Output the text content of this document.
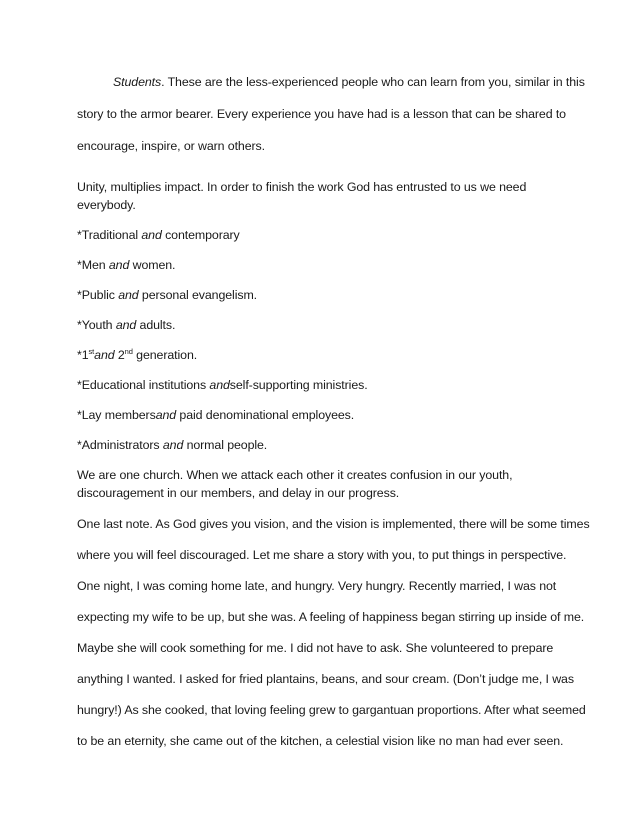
Students. These are the less-experienced people who can learn from you, similar in this
story to the armor bearer. Every experience you have had is a lesson that can be shared to
encourage, inspire, or warn others.
Unity, multiplies impact. In order to finish the work God has entrusted to us we need
everybody.
*Traditional and contemporary
*Men and women.
*Public and personal evangelism.
*Youth and adults.
*1stand 2nd generation.
*Educational institutions andself-supporting ministries.
*Lay membersand paid denominational employees.
*Administrators and normal people.
We are one church. When we attack each other it creates confusion in our youth,
discouragement in our members, and delay in our progress.
One last note. As God gives you vision, and the vision is implemented, there will be some times
where you will feel discouraged. Let me share a story with you, to put things in perspective.
One night, I was coming home late, and hungry. Very hungry. Recently married, I was not
expecting my wife to be up, but she was. A feeling of happiness began stirring up inside of me.
Maybe she will cook something for me. I did not have to ask. She volunteered to prepare
anything I wanted. I asked for fried plantains, beans, and sour cream. (Don’t judge me, I was
hungry!) As she cooked, that loving feeling grew to gargantuan proportions. After what seemed
to be an eternity, she came out of the kitchen, a celestial vision like no man had ever seen.
